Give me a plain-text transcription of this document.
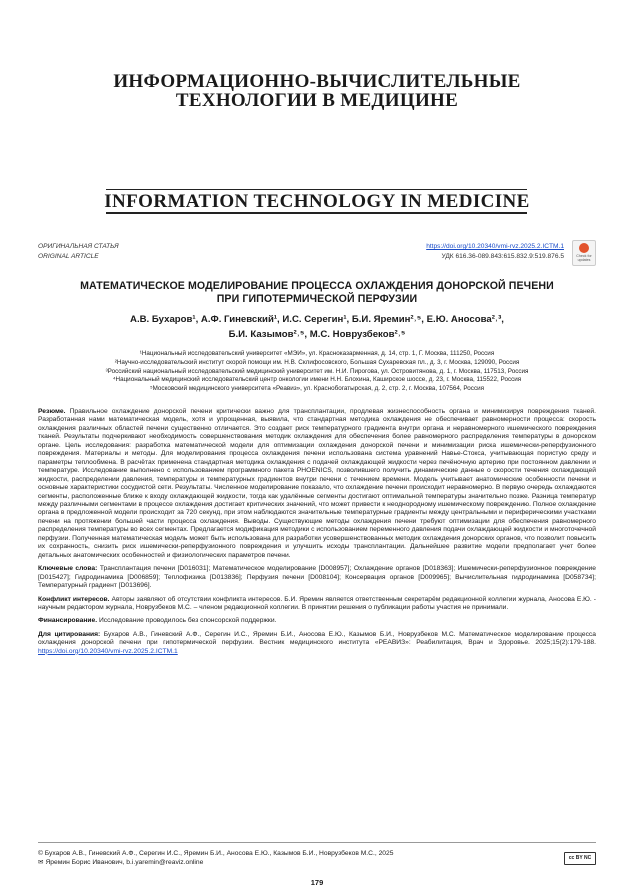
ИНФОРМАЦИОННО-ВЫЧИСЛИТЕЛЬНЫЕ
ТЕХНОЛОГИИ В МЕДИЦИНЕ
INFORMATION TECHNOLOGY IN MEDICINE
ОРИГИНАЛЬНАЯ СТАТЬЯ
ORIGINAL ARTICLE
https://doi.org/10.20340/vmi-rvz.2025.2.ICTM.1
УДК 616.36-089.843:615.832.9:519.876.5	Check for updates
МАТЕМАТИЧЕСКОЕ МОДЕЛИРОВАНИЕ ПРОЦЕССА ОХЛАЖДЕНИЯ ДОНОРСКОЙ ПЕЧЕНИ
ПРИ ГИПОТЕРМИЧЕСКОЙ ПЕРФУЗИИ
А.В. Бухаров¹, А.Ф. Гиневский¹, И.С. Серегин¹, Б.И. Яремин²˒⁵, Е.Ю. Аносова²˒³,
Б.И. Казымов²˒⁵, М.С. Новрузбеков²˒⁵
¹Национальный исследовательский университет «МЭИ», ул. Красноказарменная, д. 14, стр. 1, Г. Москва, 111250, Россия
²Научно-исследовательский институт скорой помощи им. Н.В. Склифосовского, Большая Сухаревская пл., д. 3, г. Москва, 129090, Россия
³Российский национальный исследовательский медицинский университет им. Н.И. Пирогова, ул. Островитянова, д. 1, г. Москва, 117513, Россия
⁴Национальный медицинский исследовательский центр онкологии имени Н.Н. Блохина, Каширское шоссе, д. 23, г. Москва, 115522, Россия
⁵Московский медицинского университета «Реавиз», ул. Краснобогатырская, д. 2, стр. 2, г. Москва, 107564, Россия

Резюме. Правильное охлаждение донорской печени критически важно для трансплантации, продлевая жизнеспособность органа и минимизируя повреждения тканей. Разработанная нами математическая модель, хотя и упрощенная, выявила, что стандартная методика охлаждения не обеспечивает равномерности процесса: скорость охлаждения различных областей печени существенно отличается. Это создает риск температурного градиента внутри органа и неравномерного ишемического повреждения тканей. Результаты подчеркивают необходимость совершенствования методик охлаждения для обеспечения более равномерного распределения температуры в донорском органе. Цель исследования: разработка математической модели для оптимизации охлаждения донорской печени и минимизации риска ишемически-реперфузионного повреждения. Материалы и методы. Для моделирования процесса охлаждения печени использована система уравнений Навье-Стокса, учитывающая пористую среду и параметры теплообмена. В расчётах применена стандартная методика охлаждения с подачей охлаждающей жидкости через печёночную артерию при постоянном давлении и температуре. Исследование выполнено с использованием программного пакета PHOENICS, позволившего получить динамические данные о скорости течения охлаждающей жидкости, распределении давления, температуры и температурных градиентов внутри печени с течением времени. Модель учитывает анатомические особенности печени и основные характеристики сосудистой сети. Результаты. Численное моделирование показало, что охлаждение печени происходит неравномерно. В первую очередь охлаждаются сегменты, расположенные ближе к входу охлаждающей жидкости, тогда как удалённые сегменты достигают оптимальной температуры значительно позже. Разница температур между различными сегментами в процессе охлаждения достигает критических значений, что может привести к неоднородному ишемическому повреждению. Полное охлаждение органа в предложенной модели происходит за 720 секунд, при этом наблюдаются значительные температурные градиенты между центральными и периферическими участками печени на протяжении большей части процесса охлаждения. Выводы. Существующие методы охлаждения печени требуют оптимизации для обеспечения равномерного распределения температуры во всех сегментах. Предлагается модификация методики с использованием переменного давления подачи охлаждающей жидкости и многоточечной перфузии. Полученная математическая модель может быть использована для разработки усовершенствованных методик охлаждения донорских органов, что позволит повысить их сохранность, снизить риск ишемически-реперфузионного повреждения и улучшить исходы трансплантации. Дальнейшее развитие модели предполагает учет более детальных анатомических особенностей и физиологических параметров печени.

Ключевые слова: Трансплантация печени [D016031]; Математическое моделирование [D008957]; Охлаждение органов [D018363]; Ишемически-реперфузионное повреждение [D015427]; Гидродинамика [D006859]; Теплофизика [D013836]; Перфузия печени [D008104]; Консервация органов [D009965]; Вычислительная гидродинамика [D058734]; Температурный градиент [D013696].

Конфликт интересов. Авторы заявляют об отсутствии конфликта интересов. Б.И. Яремин является ответственным секретарём редакционной коллегии журнала, Аносова Е.Ю. - научным редактором журнала, Новрузбеков М.С. – членом редакционной коллегии. В принятии решения о публикации работы участия не принимали.

Финансирование. Исследование проводилось без спонсорской поддержки.

Для цитирования: Бухаров А.В., Гиневский А.Ф., Серегин И.С., Яремин Б.И., Аносова Е.Ю., Казымов Б.И., Новрузбеков М.С. Математическое моделирование процесса охлаждения донорской печени при гипотермической перфузии. Вестник медицинского института «РЕАВИЗ»: Реабилитация, Врач и Здоровье. 2025;15(2):179-188. https://doi.org/10.20340/vmi-rvz.2025.2.ICTM.1

© Бухаров А.В., Гиневский А.Ф., Серегин И.С., Яремин Б.И., Аносова Е.Ю., Казымов Б.И., Новрузбеков М.С., 2025
✉ Яремин Борис Иванович, b.i.yaremin@reaviz.online
cc BY NC
179
